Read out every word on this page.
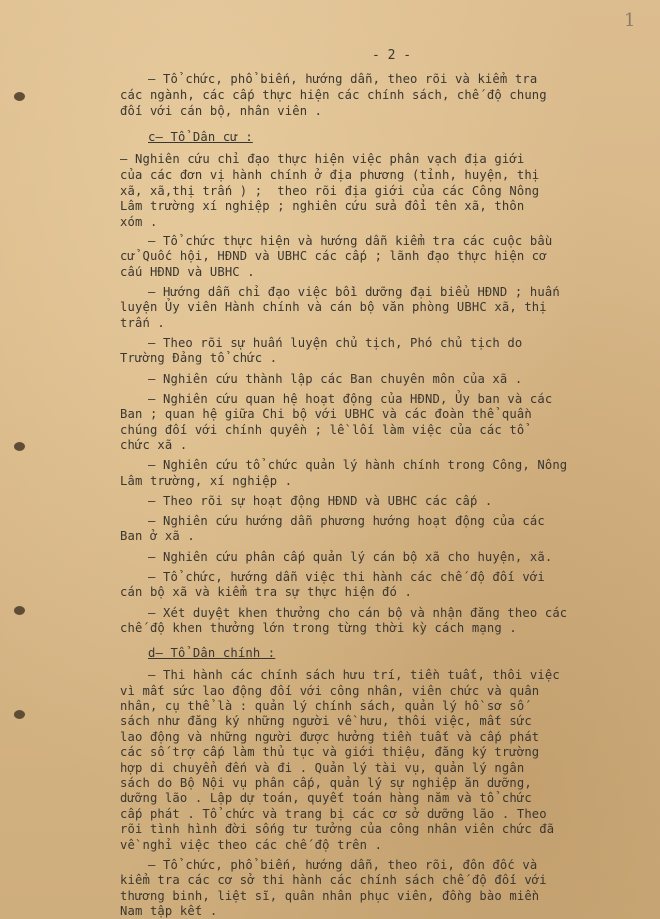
1
- 2 -
– Tổ chức, phổ biến, hướng dẫn, theo rõi và kiểm tra
các ngành, các cấp thực hiện các chính sách, chế độ chung
đối với cán bộ, nhân viên .
c– Tổ Dân cư :
– Nghiên cứu chỉ đạo thực hiện việc phân vạch địa giới
của các đơn vị hành chính ở địa phương (tỉnh, huyện, thị
xã, xã,thị trấn ) ;  theo rõi địa giới của các Công Nông
Lâm trường xí nghiệp ; nghiên cứu sửa đổi tên xã, thôn
xóm .
– Tổ chức thực hiện và hướng dẫn kiểm tra các cuộc bầu
cử Quốc hội, HĐND và UBHC các cấp ; lãnh đạo thực hiện cơ
cấu HĐND và UBHC .
– Hướng dẫn chỉ đạo việc bồi dưỡng đại biểu HĐND ; huấn
luyện Ủy viên Hành chính và cán bộ văn phòng UBHC xã, thị
trấn .
– Theo rõi sự huấn luyện chủ tịch, Phó chủ tịch do
Trường Đảng tổ chức .
– Nghiên cứu thành lập các Ban chuyên môn của xã .
– Nghiên cứu quan hệ hoạt động của HĐND, Ủy ban và các
Ban ; quan hệ giữa Chi bộ với UBHC và các đoàn thể quần
chúng đối với chính quyền ; lề lối làm việc của các tổ
chức xã .
– Nghiên cứu tổ chức quản lý hành chính trong Công, Nông
Lâm trường, xí nghiệp .
– Theo rõi sự hoạt động HĐND và UBHC các cấp .
– Nghiên cứu hướng dẫn phương hướng hoạt động của các
Ban ở xã .
– Nghiên cứu phân cấp quản lý cán bộ xã cho huyện, xã.
– Tổ chức, hướng dẫn việc thi hành các chế độ đối với
cán bộ xã và kiểm tra sự thực hiện đó .
– Xét duyệt khen thưởng cho cán bộ và nhận đăng theo các
chế độ khen thưởng lớn trong từng thời kỳ cách mạng .
d– Tổ Dân chính :
– Thi hành các chính sách hưu trí, tiền tuất, thôi việc
vì mất sức lao động đối với công nhân, viên chức và quân
nhân, cụ thể là : quản lý chính sách, quản lý hồ sơ số
sách như đăng ký những người về hưu, thôi việc, mất sức
lao động và những người được hưởng tiền tuất và cấp phát
các số trợ cấp làm thủ tục và giới thiệu, đăng ký trường
hợp di chuyển đến và đi . Quản lý tài vụ, quản lý ngân
sách do Bộ Nội vụ phân cấp, quản lý sự nghiệp ăn dưỡng,
dưỡng lão . Lập dự toán, quyết toán hàng năm và tổ chức
cấp phát . Tổ chức và trang bị các cơ sở dưỡng lão . Theo
rõi tình hình đời sống tư tưởng của công nhân viên chức đã
về nghỉ việc theo các chế độ trên .
– Tổ chức, phổ biến, hướng dẫn, theo rõi, đôn đốc và
kiểm tra các cơ sở thi hành các chính sách chế độ đối với
thương binh, liệt sĩ, quân nhân phục viên, đồng bào miền
Nam tập kết .
